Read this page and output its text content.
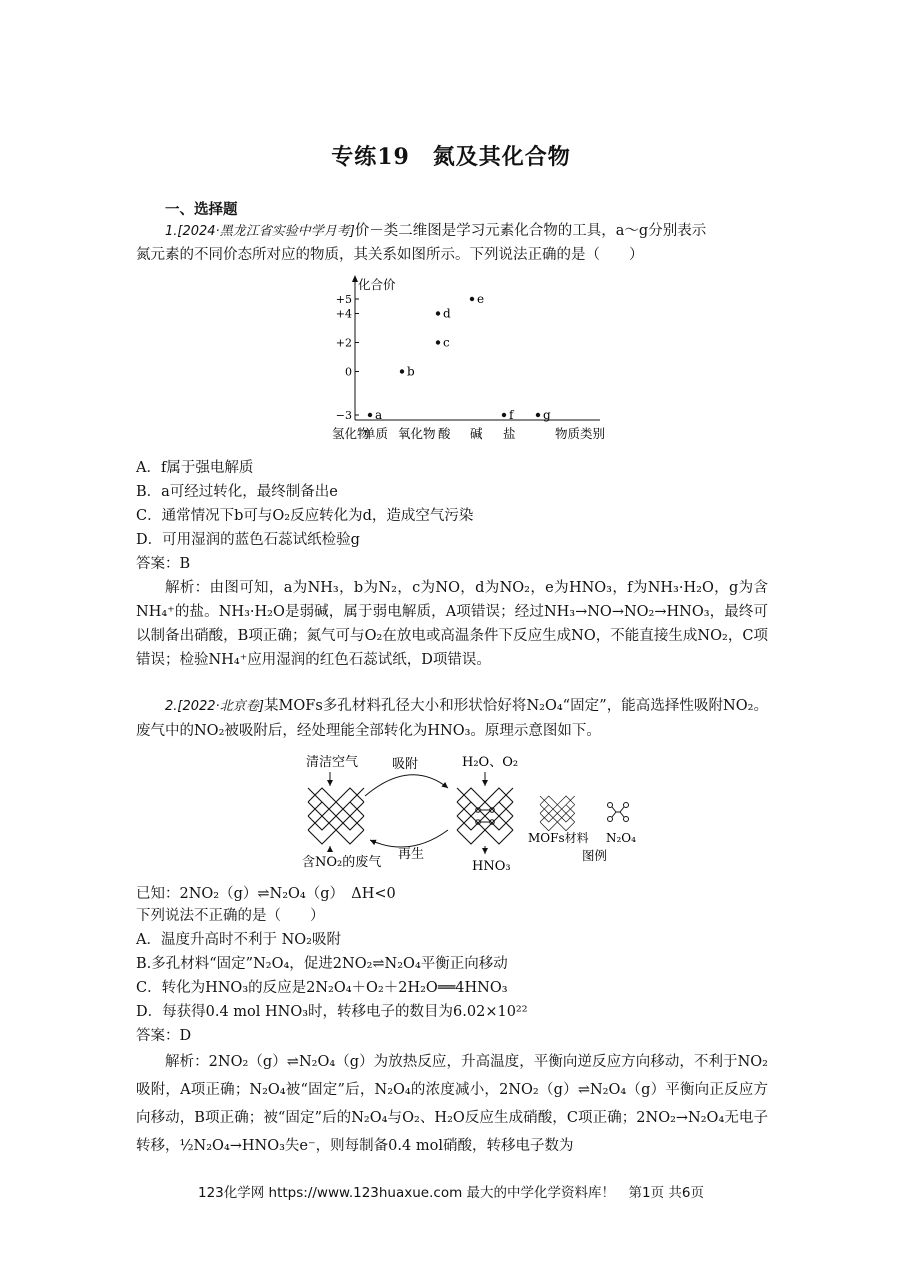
专练19　氮及其化合物
一、选择题
1.[2024·黑龙江省实验中学月考]价－类二维图是学习元素化合物的工具，a～g分别表示
氮元素的不同价态所对应的物质，其关系如图所示。下列说法正确的是（　　）
+5
+4
+2
0
−3 a
b
c
d
e
f g
化合价
物质类别
氢化物
单质 氧化物 酸 碱 盐
A．f属于强电解质
B．a可经过转化，最终制备出e
C．通常情况下b可与O₂反应转化为d，造成空气污染
D．可用湿润的蓝色石蕊试纸检验g
答案：B
解析：由图可知，a为NH₃，b为N₂，c为NO，d为NO₂，e为HNO₃，f为NH₃·H₂O，g为含NH₄⁺的盐。NH₃·H₂O是弱碱，属于弱电解质，A项错误；经过NH₃→NO→NO₂→HNO₃，最终可以制备出硝酸，B项正确；氮气可与O₂在放电或高温条件下反应生成NO，不能直接生成NO₂，C项错误；检验NH₄⁺应用湿润的红色石蕊试纸，D项错误。
2.[2022·北京卷]某MOFs多孔材料孔径大小和形状恰好将N₂O₄“固定”，能高选择性吸附NO₂。废气中的NO₂被吸附后，经处理能全部转化为HNO₃。原理示意图如下。
清洁空气	吸附
再生
含NO₂的废气
H₂O、O₂
HNO₃
MOFs材料 N₂O₄
图例
已知：2NO₂（g）⇌N₂O₄（g）　ΔH<0
下列说法不正确的是（　　）
A．温度升高时不利于 NO₂吸附
B.多孔材料“固定”N₂O₄，促进2NO₂⇌N₂O₄平衡正向移动
C．转化为HNO₃的反应是2N₂O₄＋O₂＋2H₂O══4HNO₃
D．每获得0.4 mol HNO₃时，转移电子的数目为6.02×10²²
答案：D
解析：2NO₂（g）⇌N₂O₄（g）为放热反应，升高温度，平衡向逆反应方向移动，不利于NO₂吸附，A项正确；N₂O₄被“固定”后，N₂O₄的浓度减小，2NO₂（g）⇌N₂O₄（g）平衡向正反应方向移动，B项正确；被“固定”后的N₂O₄与O₂、H₂O反应生成硝酸，C项正确；2NO₂→N₂O₄无电子转移，½N₂O₄→HNO₃失e⁻，则每制备0.4 mol硝酸，转移电子数为
123化学网 https://www.123huaxue.com 最大的中学化学资料库！　第1页 共6页
